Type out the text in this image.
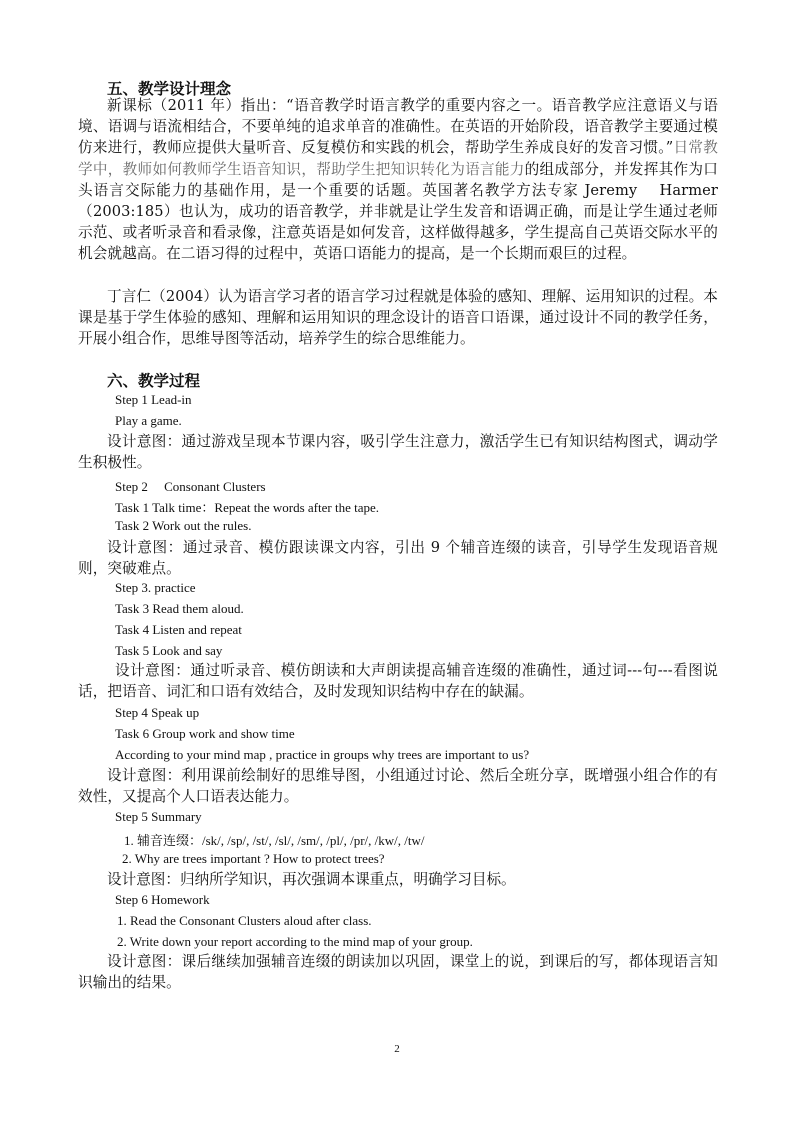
五、教学设计理念

新课标（2011 年）指出：“语音教学时语言教学的重要内容之一。语音教学应注意语义与语境、语调与语流相结合，不要单纯的追求单音的准确性。在英语的开始阶段，语音教学主要通过模仿来进行，教师应提供大量听音、反复模仿和实践的机会，帮助学生养成良好的发音习惯。”日常教学中，教师如何教师学生语音知识，帮助学生把知识转化为语言能力的组成部分，并发挥其作为口头语言交际能力的基础作用，是一个重要的话题。英国著名教学方法专家 Jeremy　 Harmer（2003:185）也认为，成功的语音教学，并非就是让学生发音和语调正确，而是让学生通过老师示范、或者听录音和看录像，注意英语是如何发音，这样做得越多，学生提高自己英语交际水平的机会就越高。在二语习得的过程中，英语口语能力的提高，是一个长期而艰巨的过程。

丁言仁（2004）认为语言学习者的语言学习过程就是体验的感知、理解、运用知识的过程。本课是基于学生体验的感知、理解和运用知识的理念设计的语音口语课，通过设计不同的教学任务，开展小组合作，思维导图等活动，培养学生的综合思维能力。

六、教学过程
Step 1 Lead-in
Play a game.

设计意图：通过游戏呈现本节课内容，吸引学生注意力，激活学生已有知识结构图式，调动学生积极性。

Step 2　 Consonant Clusters
Task 1 Talk time：Repeat the words after the tape.
Task 2 Work out the rules.

设计意图：通过录音、模仿跟读课文内容，引出 9 个辅音连缀的读音，引导学生发现语音规则，突破难点。

Step 3. practice
Task 3 Read them aloud.
Task 4 Listen and repeat
Task 5 Look and say

设计意图：通过听录音、模仿朗读和大声朗读提高辅音连缀的准确性，通过词---句---看图说话，把语音、词汇和口语有效结合，及时发现知识结构中存在的缺漏。

Step 4 Speak up
Task 6 Group work and show time
According to your mind map , practice in groups why trees are important to us?

设计意图：利用课前绘制好的思维导图，小组通过讨论、然后全班分享，既增强小组合作的有效性，又提高个人口语表达能力。

Step 5 Summary
1. 辅音连缀：/sk/, /sp/, /st/, /sl/, /sm/, /pl/, /pr/, /kw/, /tw/
2. Why are trees important ? How to protect trees?
设计意图：归纳所学知识，再次强调本课重点，明确学习目标。
Step 6 Homework
1. Read the Consonant Clusters aloud after class.
2. Write down your report according to the mind map of your group.

设计意图：课后继续加强辅音连缀的朗读加以巩固，课堂上的说，到课后的写，都体现语言知识输出的结果。

2
